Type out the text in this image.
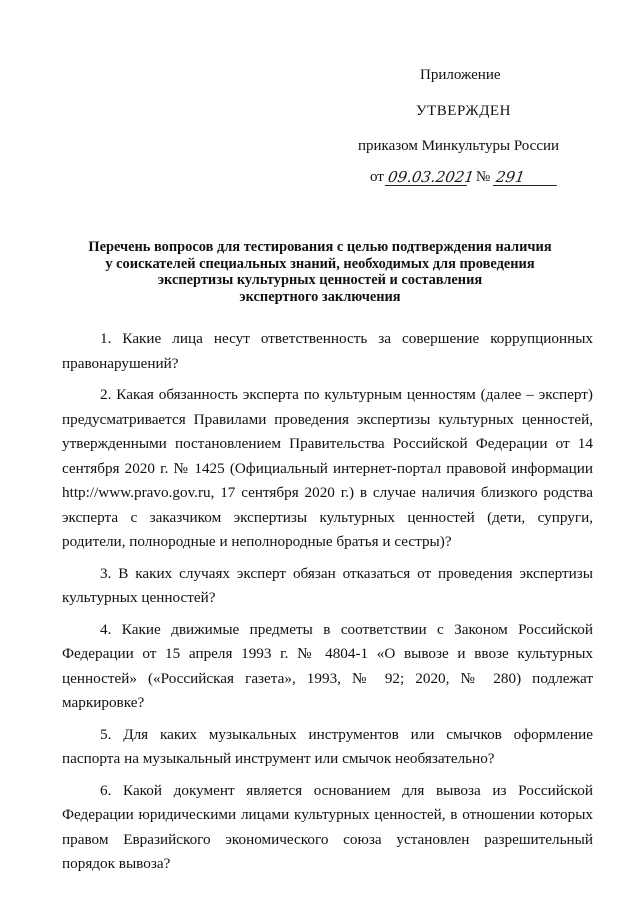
Приложение
УТВЕРЖДЕН
приказом Минкультуры России
от 09.03.2021 № 291
Перечень вопросов для тестирования с целью подтверждения наличия
у соискателей специальных знаний, необходимых для проведения
экспертизы культурных ценностей и составления
экспертного заключения

1. Какие лица несут ответственность за совершение коррупционных правонарушений?

2. Какая обязанность эксперта по культурным ценностям (далее – эксперт) предусматривается Правилами проведения экспертизы культурных ценностей, утвержденными постановлением Правительства Российской Федерации от 14 сентября 2020 г. № 1425 (Официальный интернет-портал правовой информации http://www.pravo.gov.ru, 17 сентября 2020 г.) в случае наличия близкого родства эксперта с заказчиком экспертизы культурных ценностей (дети, супруги, родители, полнородные и неполнородные братья и сестры)?

3. В каких случаях эксперт обязан отказаться от проведения экспертизы культурных ценностей?

4. Какие движимые предметы в соответствии с Законом Российской Федерации от 15 апреля 1993 г. № 4804-1 «О вывозе и ввозе культурных ценностей» («Российская газета», 1993, № 92; 2020, № 280) подлежат маркировке?

5. Для каких музыкальных инструментов или смычков оформление паспорта на музыкальный инструмент или смычок необязательно?

6. Какой документ является основанием для вывоза из Российской Федерации юридическими лицами культурных ценностей, в отношении которых правом Евразийского экономического союза установлен разрешительный порядок вывоза?
